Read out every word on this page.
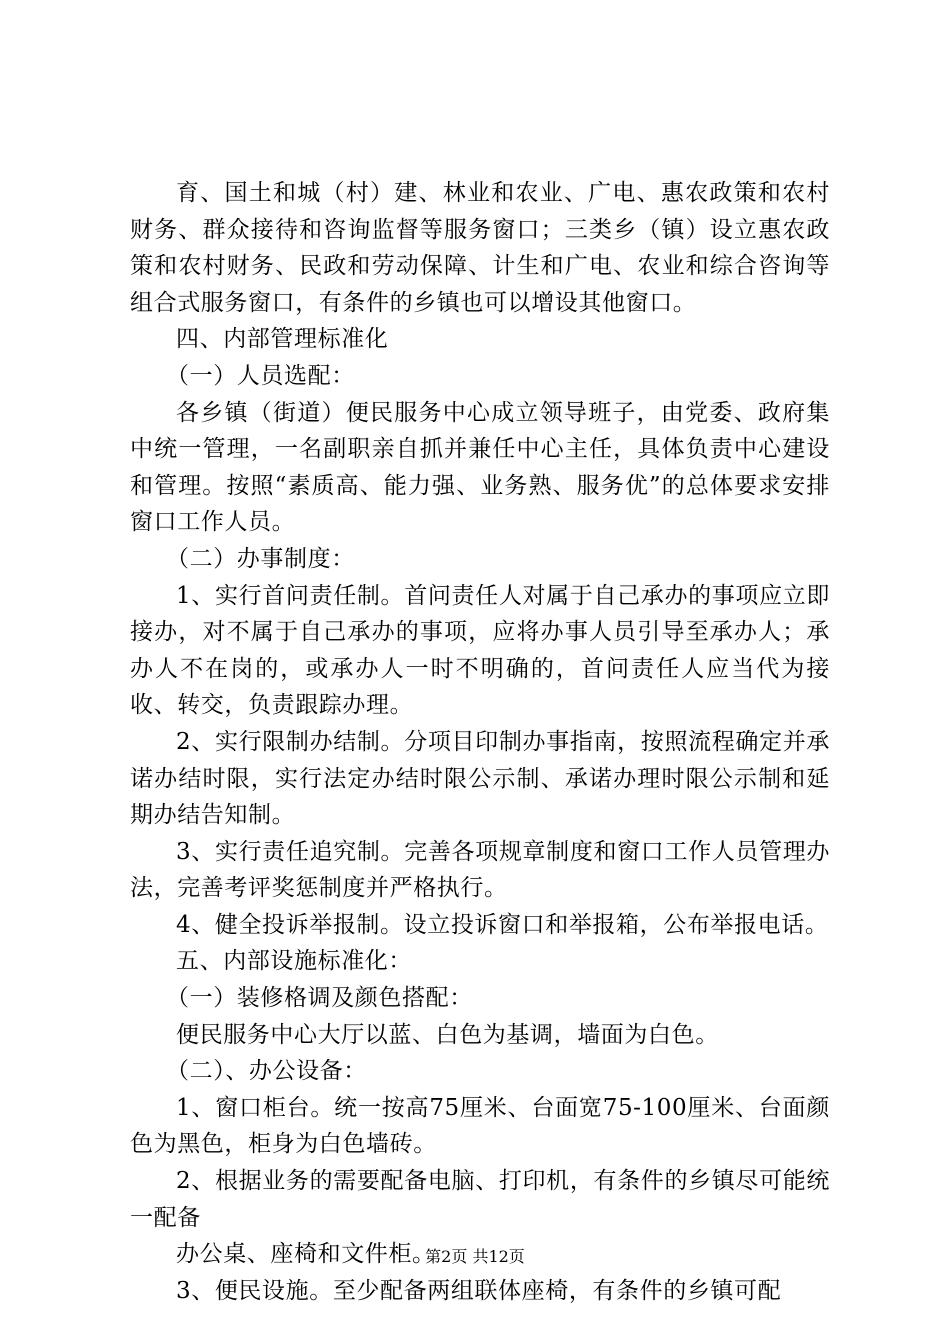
育、国土和城（村）建、林业和农业、广电、惠农政策和农村财务、群众接待和咨询监督等服务窗口；三类乡（镇）设立惠农政策和农村财务、民政和劳动保障、计生和广电、农业和综合咨询等组合式服务窗口，有条件的乡镇也可以增设其他窗口。

四、内部管理标准化

（一）人员选配：

各乡镇（街道）便民服务中心成立领导班子，由党委、政府集中统一管理，一名副职亲自抓并兼任中心主任，具体负责中心建设和管理。按照“素质高、能力强、业务熟、服务优”的总体要求安排窗口工作人员。

（二）办事制度：

1、实行首问责任制。首问责任人对属于自己承办的事项应立即接办，对不属于自己承办的事项，应将办事人员引导至承办人；承办人不在岗的，或承办人一时不明确的，首问责任人应当代为接收、转交，负责跟踪办理。

2、实行限制办结制。分项目印制办事指南，按照流程确定并承诺办结时限，实行法定办结时限公示制、承诺办理时限公示制和延期办结告知制。

3、实行责任追究制。完善各项规章制度和窗口工作人员管理办法，完善考评奖惩制度并严格执行。

4、健全投诉举报制。设立投诉窗口和举报箱，公布举报电话。

五、内部设施标准化：

（一）装修格调及颜色搭配：

便民服务中心大厅以蓝、白色为基调，墙面为白色。

（二）、办公设备：

1、窗口柜台。统一按高75厘米、台面宽75-100厘米、台面颜色为黑色，柜身为白色墙砖。

2、根据业务的需要配备电脑、打印机，有条件的乡镇尽可能统一配备

办公桌、座椅和文件柜。

3、便民设施。至少配备两组联体座椅，有条件的乡镇可配

第2页 共12页
